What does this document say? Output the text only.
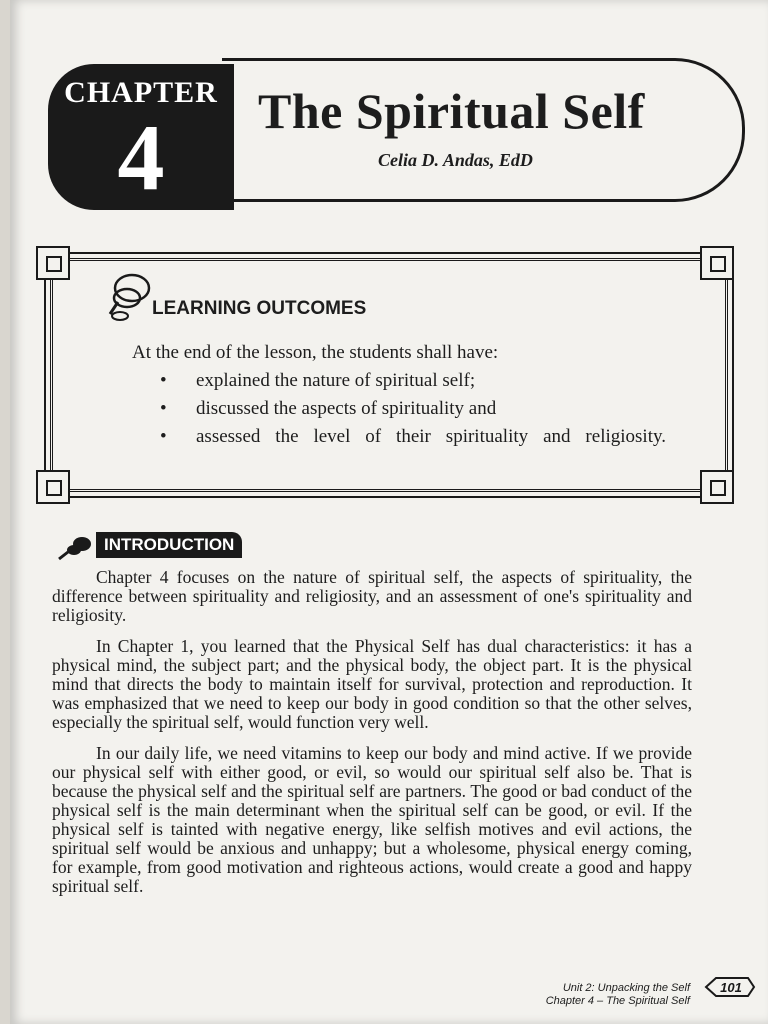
CHAPTER
4	The Spiritual Self
Celia D. Andas, EdD
LEARNING OUTCOMES
At the end of the lesson, the students shall have:
• explained the nature of spiritual self;
• discussed the aspects of spirituality and
• assessed the level of their spirituality and religiosity.
INTRODUCTION

Chapter 4 focuses on the nature of spiritual self, the aspects of spirituality, the difference between spirituality and religiosity, and an assessment of one's spirituality and religiosity.

In Chapter 1, you learned that the Physical Self has dual characteristics: it has a physical mind, the subject part; and the physical body, the object part. It is the physical mind that directs the body to maintain itself for survival, protection and reproduction. It was emphasized that we need to keep our body in good condition so that the other selves, especially the spiritual self, would function very well.

In our daily life, we need vitamins to keep our body and mind active. If we provide our physical self with either good, or evil, so would our spiritual self also be. That is because the physical self and the spiritual self are partners. The good or bad conduct of the physical self is the main determinant when the spiritual self can be good, or evil. If the physical self is tainted with negative energy, like selfish motives and evil actions, the spiritual self would be anxious and unhappy; but a wholesome, physical energy coming, for example, from good motivation and righteous actions, would create a good and happy spiritual self.

Unit 2: Unpacking the Self
Chapter 4 – The Spiritual Self
101
